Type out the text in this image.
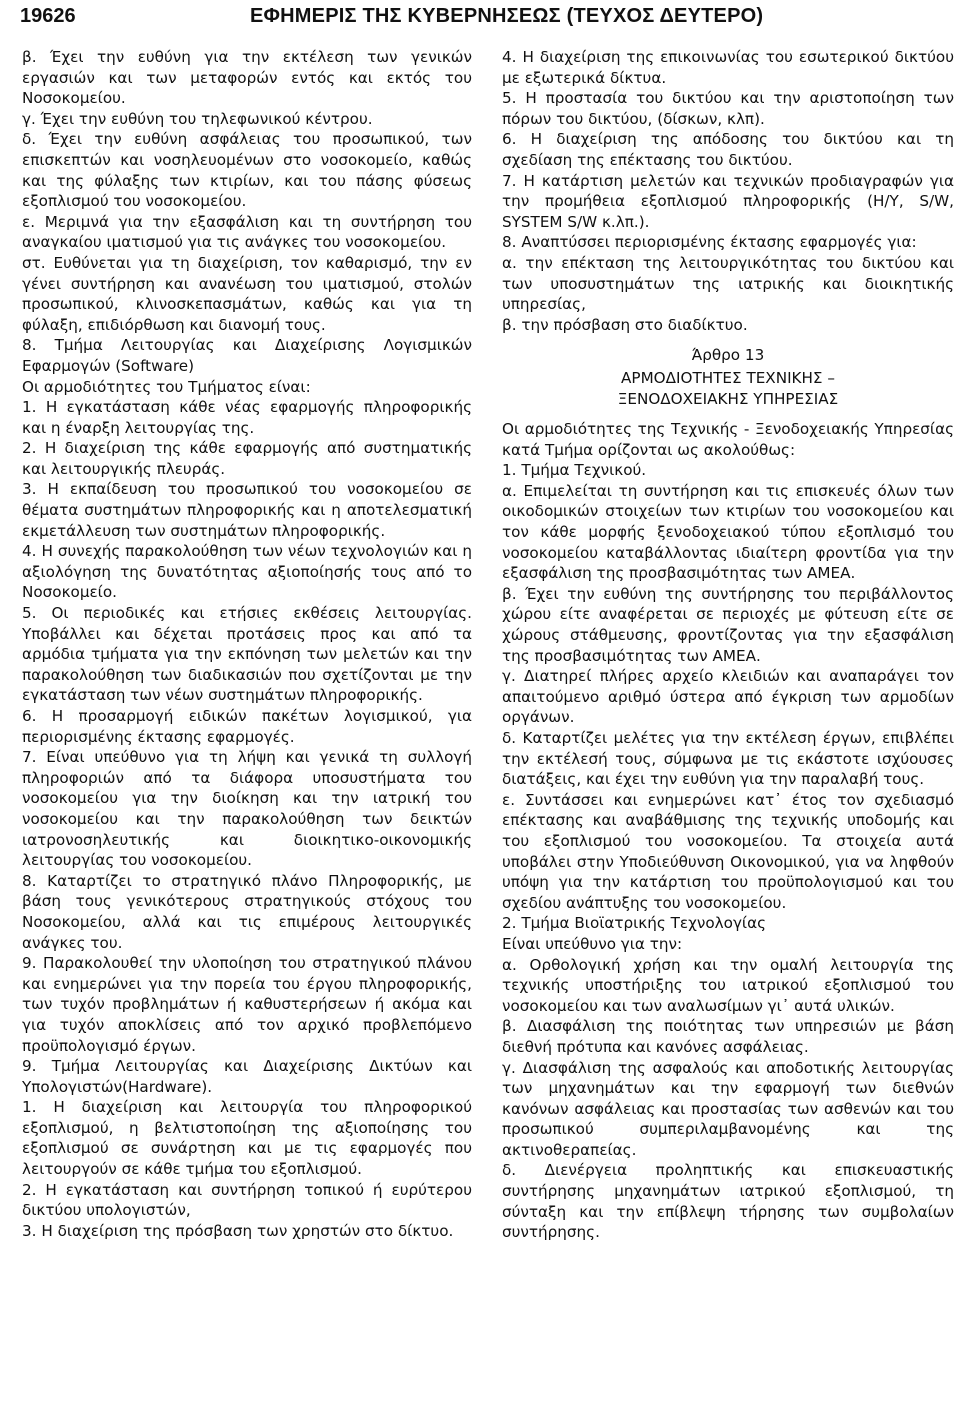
19626	ΕΦΗΜΕΡΙΣ ΤΗΣ ΚΥΒΕΡΝΗΣΕΩΣ (ΤΕΥΧΟΣ ΔΕΥΤΕΡΟ)

β. Έχει την ευθύνη για την εκτέλεση των γενικών εργασιών και των μεταφορών εντός και εκτός του Νοσοκομείου.

γ. Έχει την ευθύνη του τηλεφωνικού κέντρου.

δ. Έχει την ευθύνη ασφάλειας του προσωπικού, των επισκεπτών και νοσηλευομένων στο νοσοκομείο, καθώς και της φύλαξης των κτιρίων, και του πάσης φύσεως εξοπλισμού του νοσοκομείου.

ε. Μεριμνά για την εξασφάλιση και τη συντήρηση του αναγκαίου ιματισμού για τις ανάγκες του νοσοκομείου.

στ. Ευθύνεται για τη διαχείριση, τον καθαρισμό, την εν γένει συντήρηση και ανανέωση του ιματισμού, στολών προσωπικού, κλινοσκεπασμάτων, καθώς και για τη φύλαξη, επιδιόρθωση και διανομή τους.

8. Τμήμα Λειτουργίας και Διαχείρισης Λογισμικών Εφαρμογών (Software)

Οι αρμοδιότητες του Τμήματος είναι:

1. Η εγκατάσταση κάθε νέας εφαρμογής πληροφορικής και η έναρξη λειτουργίας της.

2. Η διαχείριση της κάθε εφαρμογής από συστηματικής και λειτουργικής πλευράς.

3. Η εκπαίδευση του προσωπικού του νοσοκομείου σε θέματα συστημάτων πληροφορικής και η αποτελεσματική εκμετάλλευση των συστημάτων πληροφορικής.

4. Η συνεχής παρακολούθηση των νέων τεχνολογιών και η αξιολόγηση της δυνατότητας αξιοποίησής τους από το Νοσοκομείο.

5. Οι περιοδικές και ετήσιες εκθέσεις λειτουργίας. Υποβάλλει και δέχεται προτάσεις προς και από τα αρμόδια τμήματα για την εκπόνηση των μελετών και την παρακολούθηση των διαδικασιών που σχετίζονται με την εγκατάσταση των νέων συστημάτων πληροφορικής.

6. Η προσαρμογή ειδικών πακέτων λογισμικού, για περιορισμένης έκτασης εφαρμογές.

7. Είναι υπεύθυνο για τη λήψη και γενικά τη συλλογή πληροφοριών από τα διάφορα υποσυστήματα του νοσοκομείου για την διοίκηση και την ιατρική του νοσοκομείου και την παρακολούθηση των δεικτών ιατρονοσηλευτικής και διοικητικο-οικονομικής λειτουργίας του νοσοκομείου.

8. Καταρτίζει το στρατηγικό πλάνο Πληροφορικής, με βάση τους γενικότερους στρατηγικούς στόχους του Νοσοκομείου, αλλά και τις επιμέρους λειτουργικές ανάγκες του.

9. Παρακολουθεί την υλοποίηση του στρατηγικού πλάνου και ενημερώνει για την πορεία του έργου πληροφορικής, των τυχόν προβλημάτων ή καθυστερήσεων ή ακόμα και για τυχόν αποκλίσεις από τον αρχικό προβλεπόμενο προϋπολογισμό έργων.

9. Τμήμα Λειτουργίας και Διαχείρισης Δικτύων και Υπολογιστών(Hardware).

1. Η διαχείριση και λειτουργία του πληροφορικού εξοπλισμού, η βελτιστοποίηση της αξιοποίησης του εξοπλισμού σε συνάρτηση και με τις εφαρμογές που λειτουργούν σε κάθε τμήμα του εξοπλισμού.

2. Η εγκατάσταση και συντήρηση τοπικού ή ευρύτερου δικτύου υπολογιστών,

3. Η διαχείριση της πρόσβαση των χρηστών στο δίκτυο.

4. Η διαχείριση της επικοινωνίας του εσωτερικού δικτύου με εξωτερικά δίκτυα.

5. Η προστασία του δικτύου και την αριστοποίηση των πόρων του δικτύου, (δίσκων, κλπ).

6. Η διαχείριση της απόδοσης του δικτύου και τη σχεδίαση της επέκτασης του δικτύου.

7. Η κατάρτιση μελετών και τεχνικών προδιαγραφών για την προμήθεια εξοπλισμού πληροφορικής (H/Y, S/W, SYSTEM S/W κ.λπ.).

8. Αναπτύσσει περιορισμένης έκτασης εφαρμογές για:

α. την επέκταση της λειτουργικότητας του δικτύου και των υποσυστημάτων της ιατρικής και διοικητικής υπηρεσίας,

β. την πρόσβαση στο διαδίκτυο.

Άρθρο 13

ΑΡΜΟΔΙΟΤΗΤΕΣ ΤΕΧΝΙΚΗΣ – ΞΕΝΟΔΟΧΕΙΑΚΗΣ ΥΠΗΡΕΣΙΑΣ

Οι αρμοδιότητες της Τεχνικής - Ξενοδοχειακής Υπηρεσίας κατά Τμήμα ορίζονται ως ακολούθως:

1. Τμήμα Τεχνικού.

α. Επιμελείται τη συντήρηση και τις επισκευές όλων των οικοδομικών στοιχείων των κτιρίων του νοσοκομείου και τον κάθε μορφής ξενοδοχειακού τύπου εξοπλισμό του νοσοκομείου καταβάλλοντας ιδιαίτερη φροντίδα για την εξασφάλιση της προσβασιμότητας των ΑΜΕΑ.

β. Έχει την ευθύνη της συντήρησης του περιβάλλοντος χώρου είτε αναφέρεται σε περιοχές με φύτευση είτε σε χώρους στάθμευσης, φροντίζοντας για την εξασφάλιση της προσβασιμότητας των ΑΜΕΑ.

γ. Διατηρεί πλήρες αρχείο κλειδιών και αναπαράγει τον απαιτούμενο αριθμό ύστερα από έγκριση των αρμοδίων οργάνων.

δ. Καταρτίζει μελέτες για την εκτέλεση έργων, επιβλέπει την εκτέλεσή τους, σύμφωνα με τις εκάστοτε ισχύουσες διατάξεις, και έχει την ευθύνη για την παραλαβή τους.

ε. Συντάσσει και ενημερώνει κατ᾽ έτος τον σχεδιασμό επέκτασης και αναβάθμισης της τεχνικής υποδομής και του εξοπλισμού του νοσοκομείου. Τα στοιχεία αυτά υποβάλει στην Υποδιεύθυνση Οικονομικού, για να ληφθούν υπόψη για την κατάρτιση του προϋπολογισμού και του σχεδίου ανάπτυξης του νοσοκομείου.

2. Τμήμα Βιοϊατρικής Τεχνολογίας

Είναι υπεύθυνο για την:

α. Ορθολογική χρήση και την ομαλή λειτουργία της τεχνικής υποστήριξης του ιατρικού εξοπλισμού του νοσοκομείου και των αναλωσίμων γι᾽ αυτά υλικών.

β. Διασφάλιση της ποιότητας των υπηρεσιών με βάση διεθνή πρότυπα και κανόνες ασφάλειας.

γ. Διασφάλιση της ασφαλούς και αποδοτικής λειτουργίας των μηχανημάτων και την εφαρμογή των διεθνών κανόνων ασφάλειας και προστασίας των ασθενών και του προσωπικού συμπεριλαμβανομένης και της ακτινοθεραπείας.

δ. Διενέργεια προληπτικής και επισκευαστικής συντήρησης μηχανημάτων ιατρικού εξοπλισμού, τη σύνταξη και την επίβλεψη τήρησης των συμβολαίων συντήρησης.
